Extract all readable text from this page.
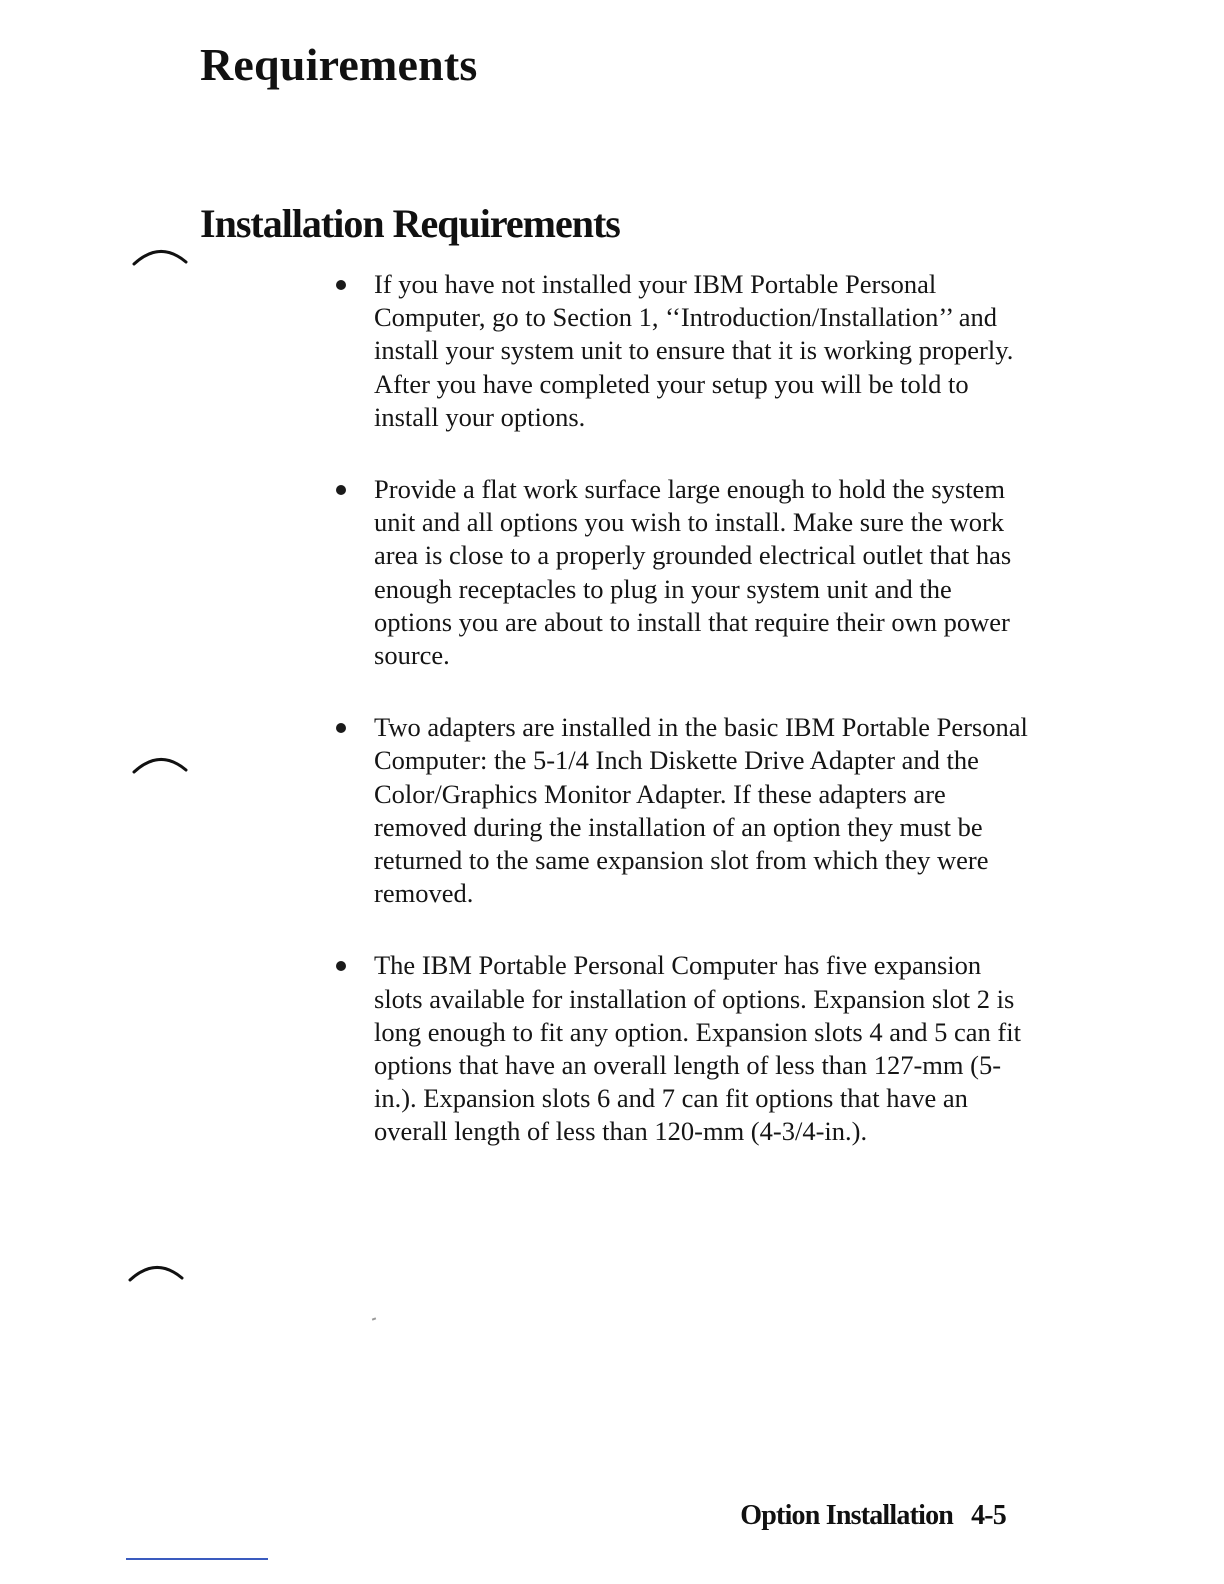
Requirements
Installation Requirements
If you have not installed your IBM Portable Personal Computer, go to Section 1, ‘‘Introduction/Installation’’ and install your system unit to ensure that it is working properly. After you have completed your setup you will be told to install your options.
Provide a flat work surface large enough to hold the system unit and all options you wish to install. Make sure the work area is close to a properly grounded electrical outlet that has enough receptacles to plug in your system unit and the options you are about to install that require their own power source.
Two adapters are installed in the basic IBM Portable Personal Computer: the 5-1/4 Inch Diskette Drive Adapter and the Color/Graphics Monitor Adapter. If these adapters are removed during the installation of an option they must be returned to the same expansion slot from which they were removed.
The IBM Portable Personal Computer has five expansion slots available for installation of options. Expansion slot 2 is long enough to fit any option. Expansion slots 4 and 5 can fit options that have an overall length of less than 127-mm (5-in.). Expansion slots 6 and 7 can fit options that have an overall length of less than 120-mm (4-3/4-in.).

Option Installation 4-5
